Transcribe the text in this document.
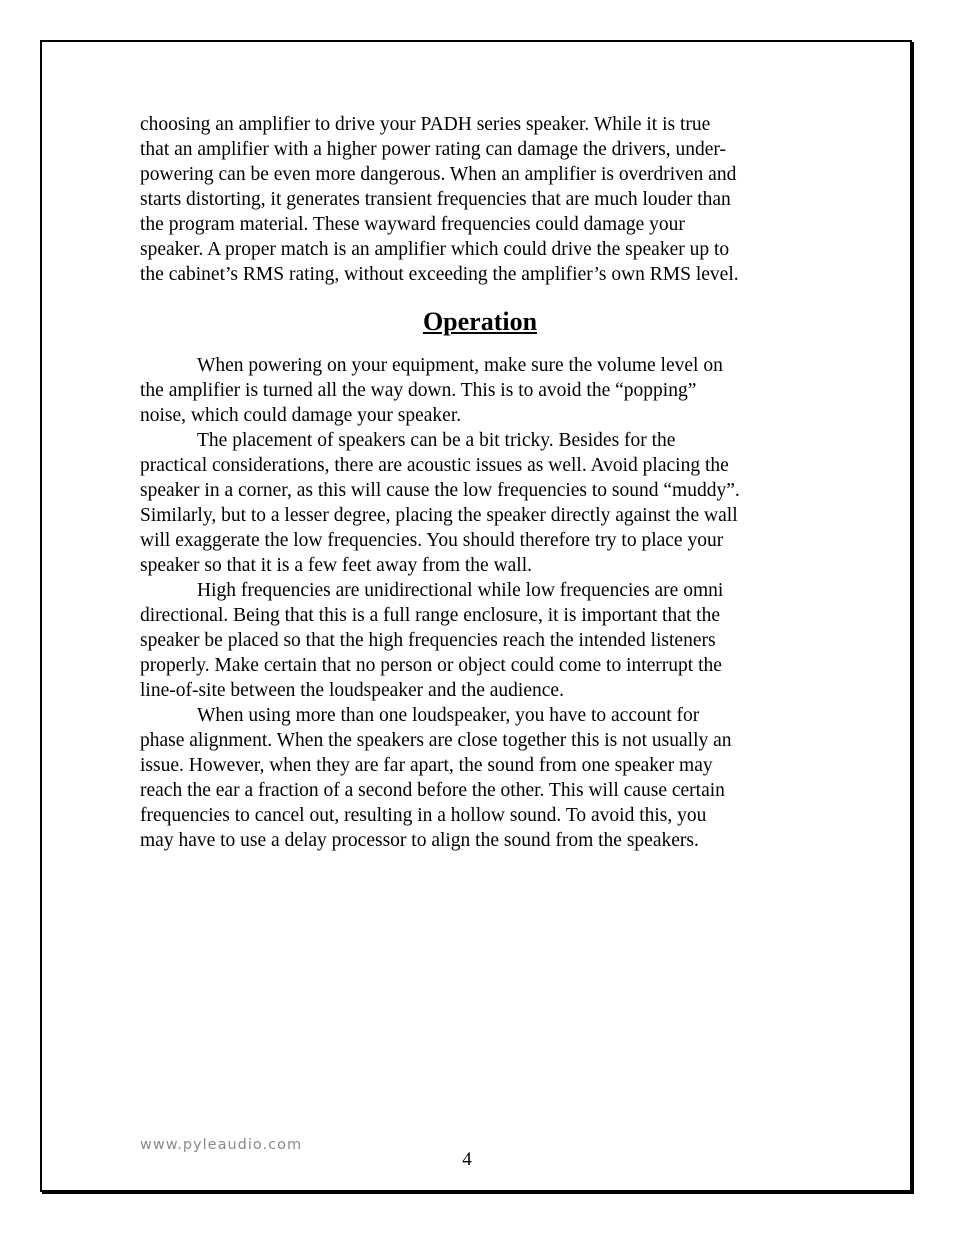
choosing an amplifier to drive your PADH series speaker. While it is true
that an amplifier with a higher power rating can damage the drivers, under-
powering can be even more dangerous. When an amplifier is overdriven and
starts distorting, it generates transient frequencies that are much louder than
the program material. These wayward frequencies could damage your
speaker. A proper match is an amplifier which could drive the speaker up to
the cabinet’s RMS rating, without exceeding the amplifier’s own RMS level.
Operation
When powering on your equipment, make sure the volume level on
the amplifier is turned all the way down. This is to avoid the “popping”
noise, which could damage your speaker.
The placement of speakers can be a bit tricky. Besides for the
practical considerations, there are acoustic issues as well. Avoid placing the
speaker in a corner, as this will cause the low frequencies to sound “muddy”.
Similarly, but to a lesser degree, placing the speaker directly against the wall
will exaggerate the low frequencies. You should therefore try to place your
speaker so that it is a few feet away from the wall.
High frequencies are unidirectional while low frequencies are omni
directional. Being that this is a full range enclosure, it is important that the
speaker be placed so that the high frequencies reach the intended listeners
properly. Make certain that no person or object could come to interrupt the
line-of-site between the loudspeaker and the audience.
When using more than one loudspeaker, you have to account for
phase alignment. When the speakers are close together this is not usually an
issue. However, when they are far apart, the sound from one speaker may
reach the ear a fraction of a second before the other. This will cause certain
frequencies to cancel out, resulting in a hollow sound. To avoid this, you
may have to use a delay processor to align the sound from the speakers.
www.pyleaudio.com
4
